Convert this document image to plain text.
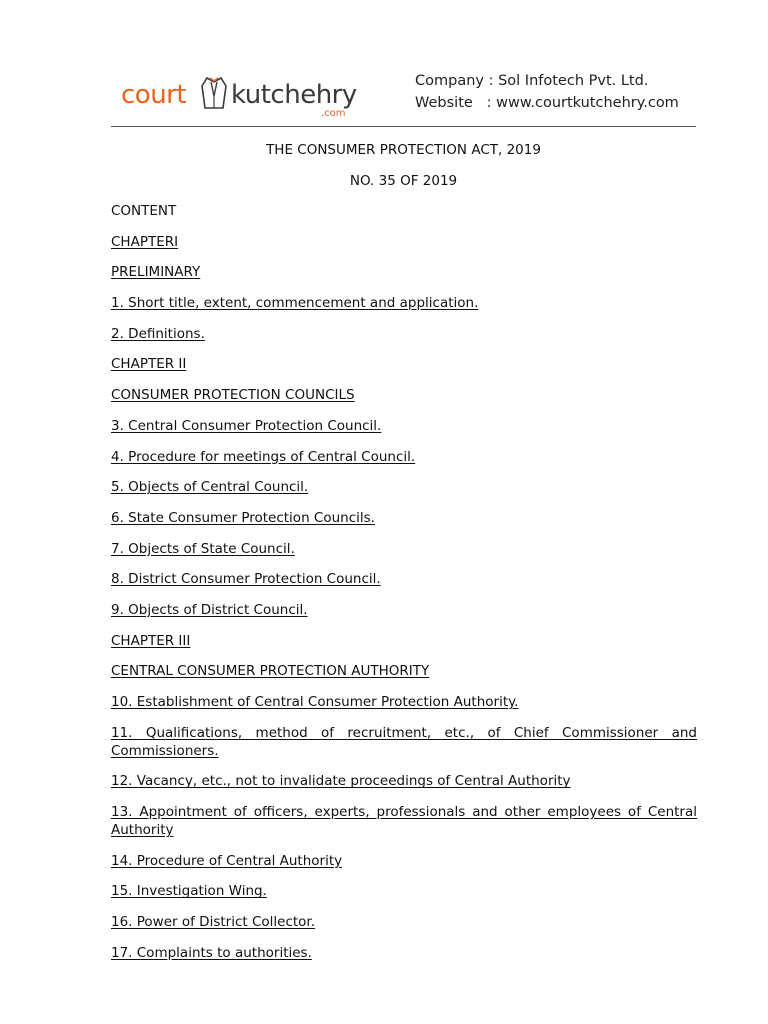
court kutchehry
.com
Company : Sol Infotech Pvt. Ltd.
Website   : www.courtkutchehry.com
THE CONSUMER PROTECTION ACT, 2019
NO. 35 OF 2019
CONTENT
CHAPTERI
PRELIMINARY
1. Short title, extent, commencement and application.
2. Definitions.
CHAPTER II
CONSUMER PROTECTION COUNCILS
3. Central Consumer Protection Council.
4. Procedure for meetings of Central Council.
5. Objects of Central Council.
6. State Consumer Protection Councils.
7. Objects of State Council.
8. District Consumer Protection Council.
9. Objects of District Council.
CHAPTER III
CENTRAL CONSUMER PROTECTION AUTHORITY
10. Establishment of Central Consumer Protection Authority.
11. Qualifications, method of recruitment, etc., of Chief Commissioner and Commissioners.
12. Vacancy, etc., not to invalidate proceedings of Central Authority
13. Appointment of officers, experts, professionals and other employees of Central Authority
14. Procedure of Central Authority
15. Investigation Wing.
16. Power of District Collector.
17. Complaints to authorities.
